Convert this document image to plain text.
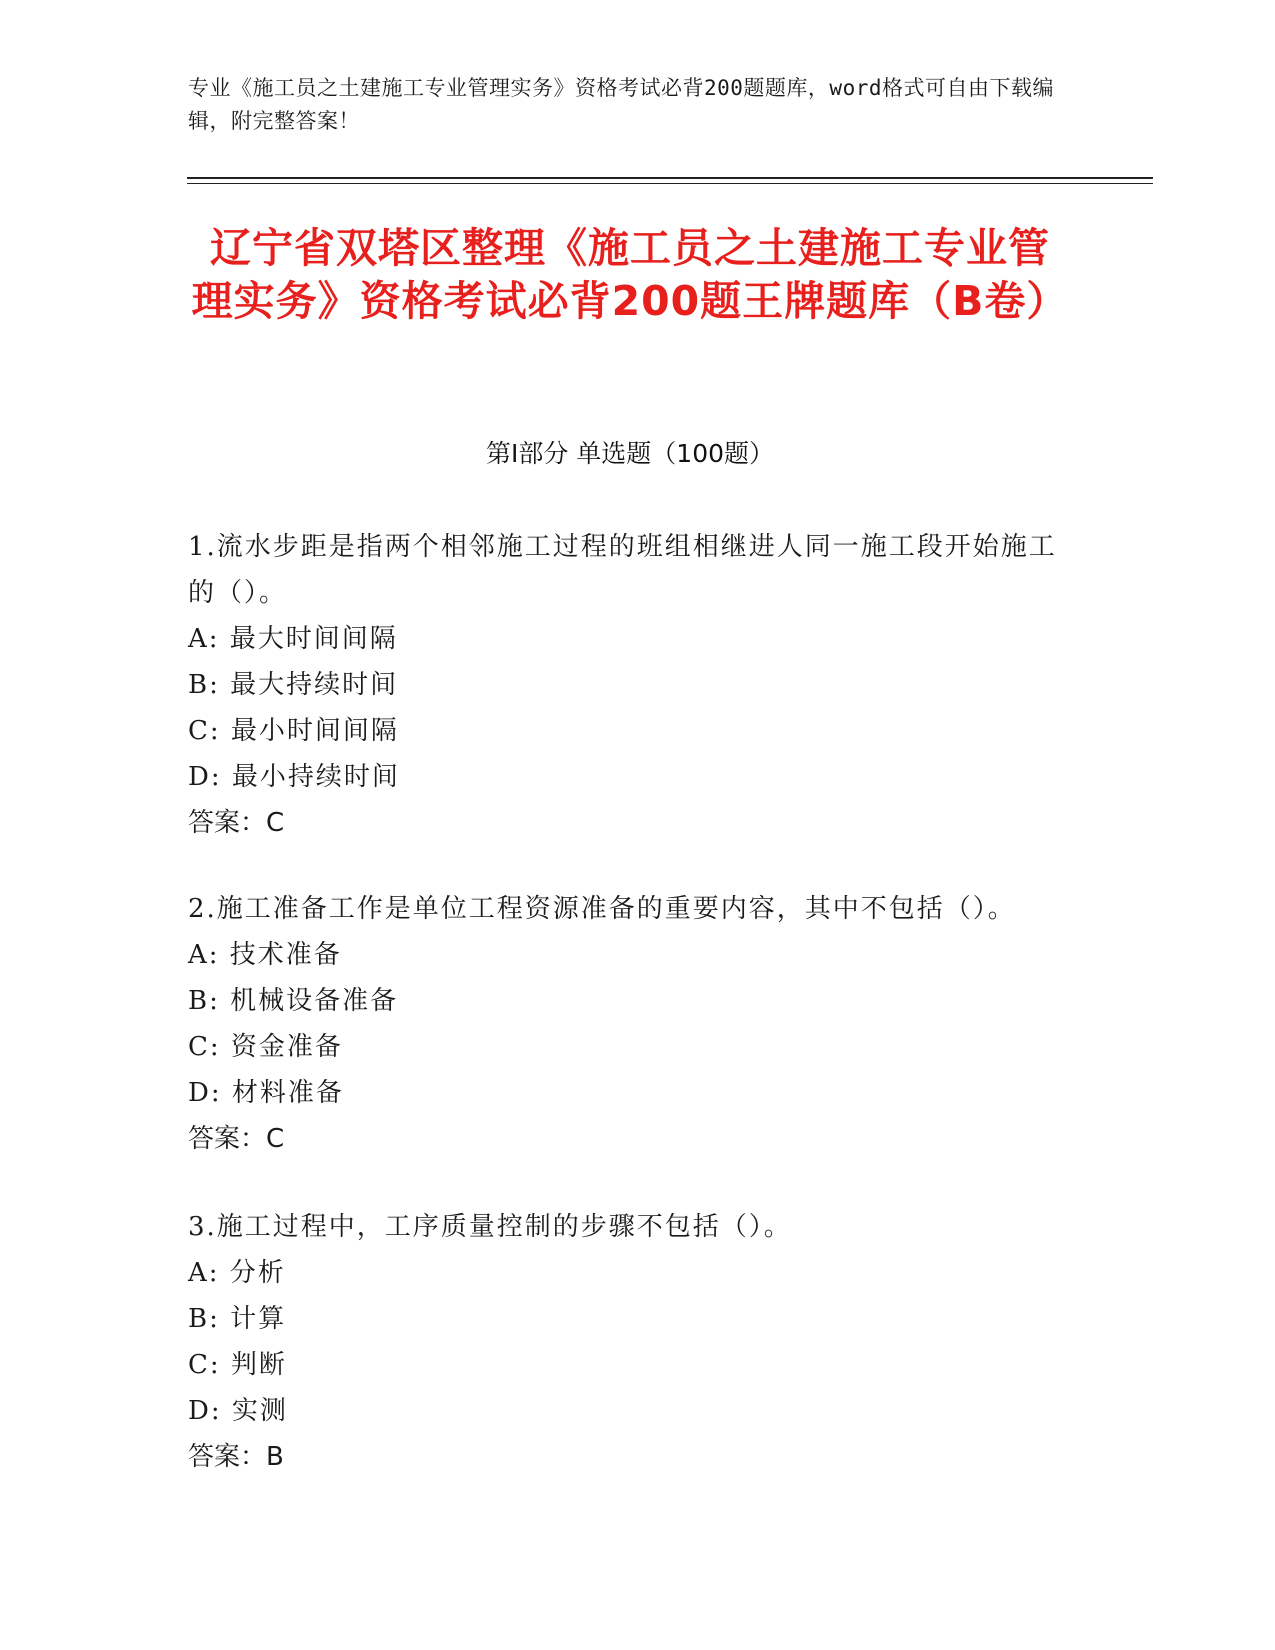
专业《施工员之土建施工专业管理实务》资格考试必背200题题库，word格式可自由下载编辑，附完整答案！
辽宁省双塔区整理《施工员之土建施工专业管理实务》资格考试必背200题王牌题库（B卷）
第Ⅰ部分 单选题（100题）
1.流水步距是指两个相邻施工过程的班组相继进人同一施工段开始施工的（）。
A: 最大时间间隔
B: 最大持续时间
C: 最小时间间隔
D: 最小持续时间
答案：C
2.施工准备工作是单位工程资源准备的重要内容，其中不包括（）。
A: 技术准备
B: 机械设备准备
C: 资金准备
D: 材料准备
答案：C
3.施工过程中，工序质量控制的步骤不包括（）。
A: 分析
B: 计算
C: 判断
D: 实测
答案：B
